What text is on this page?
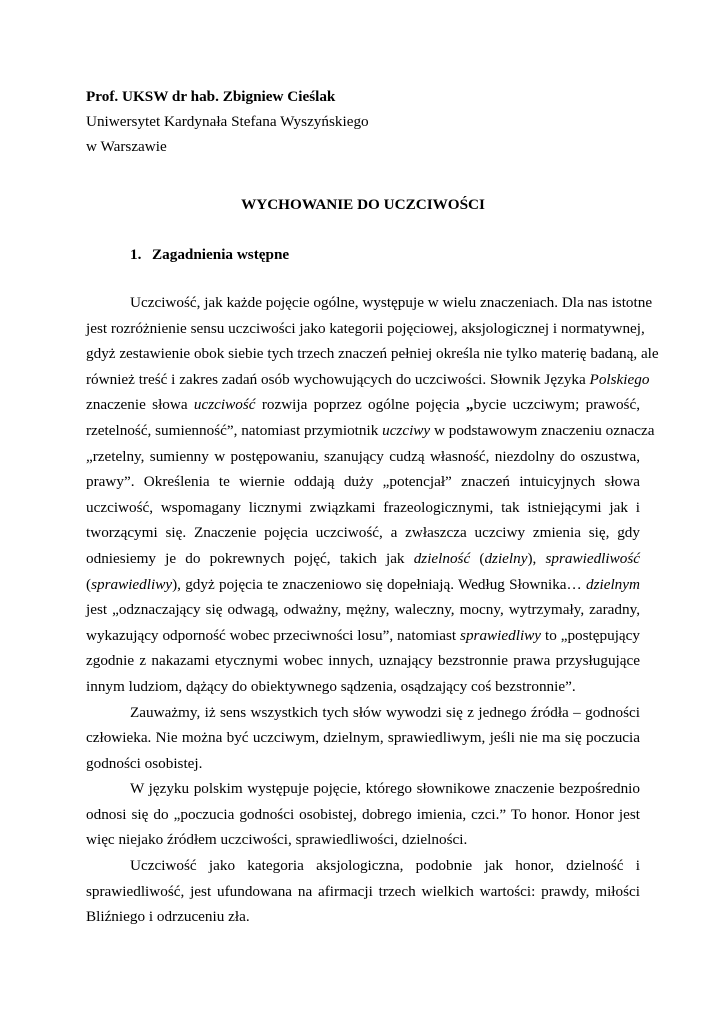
Prof. UKSW dr hab. Zbigniew Cieślak

Uniwersytet Kardynała Stefana Wyszyńskiego

w Warszawie

WYCHOWANIE DO UCZCIWOŚCI

1. Zagadnienia wstępne

Uczciwość, jak każde pojęcie ogólne, występuje w wielu znaczeniach. Dla nas istotne
jest rozróżnienie sensu uczciwości jako kategorii pojęciowej, aksjologicznej i normatywnej,
gdyż zestawienie obok siebie tych trzech znaczeń pełniej określa nie tylko materię badaną, ale
również treść i zakres zadań osób wychowujących do uczciwości. Słownik Języka Polskiego
znaczenie słowa uczciwość rozwija poprzez ogólne pojęcia „bycie uczciwym; prawość,
rzetelność, sumienność”, natomiast przymiotnik uczciwy w podstawowym znaczeniu oznacza
„rzetelny, sumienny w postępowaniu, szanujący cudzą własność, niezdolny do oszustwa,
prawy”. Określenia te wiernie oddają duży „potencjał” znaczeń intuicyjnych słowa
uczciwość, wspomagany licznymi związkami frazeologicznymi, tak istniejącymi jak i
tworzącymi się. Znaczenie pojęcia uczciwość, a zwłaszcza uczciwy zmienia się, gdy
odniesiemy je do pokrewnych pojęć, takich jak dzielność (dzielny), sprawiedliwość
(sprawiedliwy), gdyż pojęcia te znaczeniowo się dopełniają. Według Słownika… dzielnym
jest „odznaczający się odwagą, odważny, mężny, waleczny, mocny, wytrzymały, zaradny,
wykazujący odporność wobec przeciwności losu”, natomiast sprawiedliwy to „postępujący
zgodnie z nakazami etycznymi wobec innych, uznający bezstronnie prawa przysługujące
innym ludziom, dążący do obiektywnego sądzenia, osądzający coś bezstronnie”.
Zauważmy, iż sens wszystkich tych słów wywodzi się z jednego źródła – godności
człowieka. Nie można być uczciwym, dzielnym, sprawiedliwym, jeśli nie ma się poczucia
godności osobistej.
W języku polskim występuje pojęcie, którego słownikowe znaczenie bezpośrednio
odnosi się do „poczucia godności osobistej, dobrego imienia, czci.” To honor. Honor jest
więc niejako źródłem uczciwości, sprawiedliwości, dzielności.
Uczciwość jako kategoria aksjologiczna, podobnie jak honor, dzielność i
sprawiedliwość, jest ufundowana na afirmacji trzech wielkich wartości: prawdy, miłości
Bliźniego i odrzuceniu zła.
